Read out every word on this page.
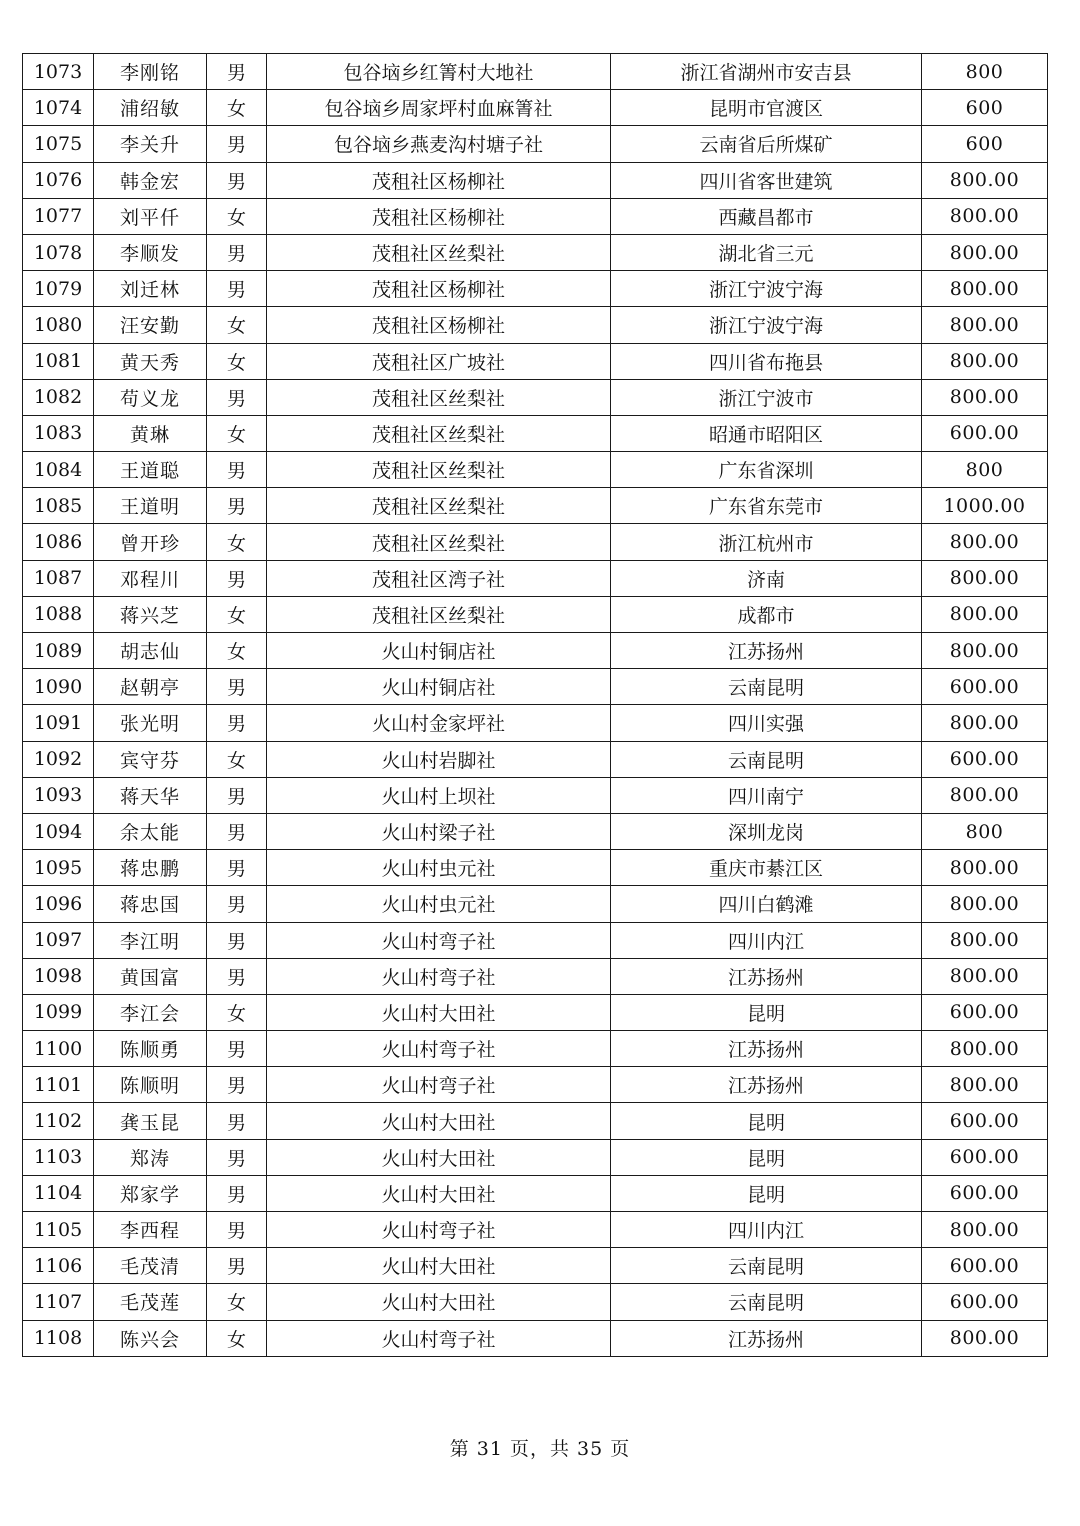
1073	李刚铭	男	包谷垴乡红箐村大地社	浙江省湖州市安吉县	800
1074	浦绍敏	女	包谷垴乡周家坪村血麻箐社	昆明市官渡区	600
1075	李关升	男	包谷垴乡燕麦沟村塘子社	云南省后所煤矿	600
1076	韩金宏	男	茂租社区杨柳社	四川省客世建筑	800.00
1077	刘平仟	女	茂租社区杨柳社	西藏昌都市	800.00
1078	李顺发	男	茂租社区丝梨社	湖北省三元	800.00
1079	刘迁林	男	茂租社区杨柳社	浙江宁波宁海	800.00
1080	汪安勤	女	茂租社区杨柳社	浙江宁波宁海	800.00
1081	黄天秀	女	茂租社区广坡社	四川省布拖县	800.00
1082	苟义龙	男	茂租社区丝梨社	浙江宁波市	800.00
1083	黄琳	女	茂租社区丝梨社	昭通市昭阳区	600.00
1084	王道聪	男	茂租社区丝梨社	广东省深圳	800
1085	王道明	男	茂租社区丝梨社	广东省东莞市	1000.00
1086	曾开珍	女	茂租社区丝梨社	浙江杭州市	800.00
1087	邓程川	男	茂租社区湾子社	济南	800.00
1088	蒋兴芝	女	茂租社区丝梨社	成都市	800.00
1089	胡志仙	女	火山村铜店社	江苏扬州	800.00
1090	赵朝亭	男	火山村铜店社	云南昆明	600.00
1091	张光明	男	火山村金家坪社	四川实强	800.00
1092	宾守芬	女	火山村岩脚社	云南昆明	600.00
1093	蒋天华	男	火山村上坝社	四川南宁	800.00
1094	余太能	男	火山村梁子社	深圳龙岗	800
1095	蒋忠鹏	男	火山村虫元社	重庆市綦江区	800.00
1096	蒋忠国	男	火山村虫元社	四川白鹤滩	800.00
1097	李江明	男	火山村弯子社	四川内江	800.00
1098	黄国富	男	火山村弯子社	江苏扬州	800.00
1099	李江会	女	火山村大田社	昆明	600.00
1100	陈顺勇	男	火山村弯子社	江苏扬州	800.00
1101	陈顺明	男	火山村弯子社	江苏扬州	800.00
1102	龚玉昆	男	火山村大田社	昆明	600.00
1103	郑涛	男	火山村大田社	昆明	600.00
1104	郑家学	男	火山村大田社	昆明	600.00
1105	李西程	男	火山村弯子社	四川内江	800.00
1106	毛茂清	男	火山村大田社	云南昆明	600.00
1107	毛茂莲	女	火山村大田社	云南昆明	600.00
1108	陈兴会	女	火山村弯子社	江苏扬州	800.00
第 31 页，共 35 页
